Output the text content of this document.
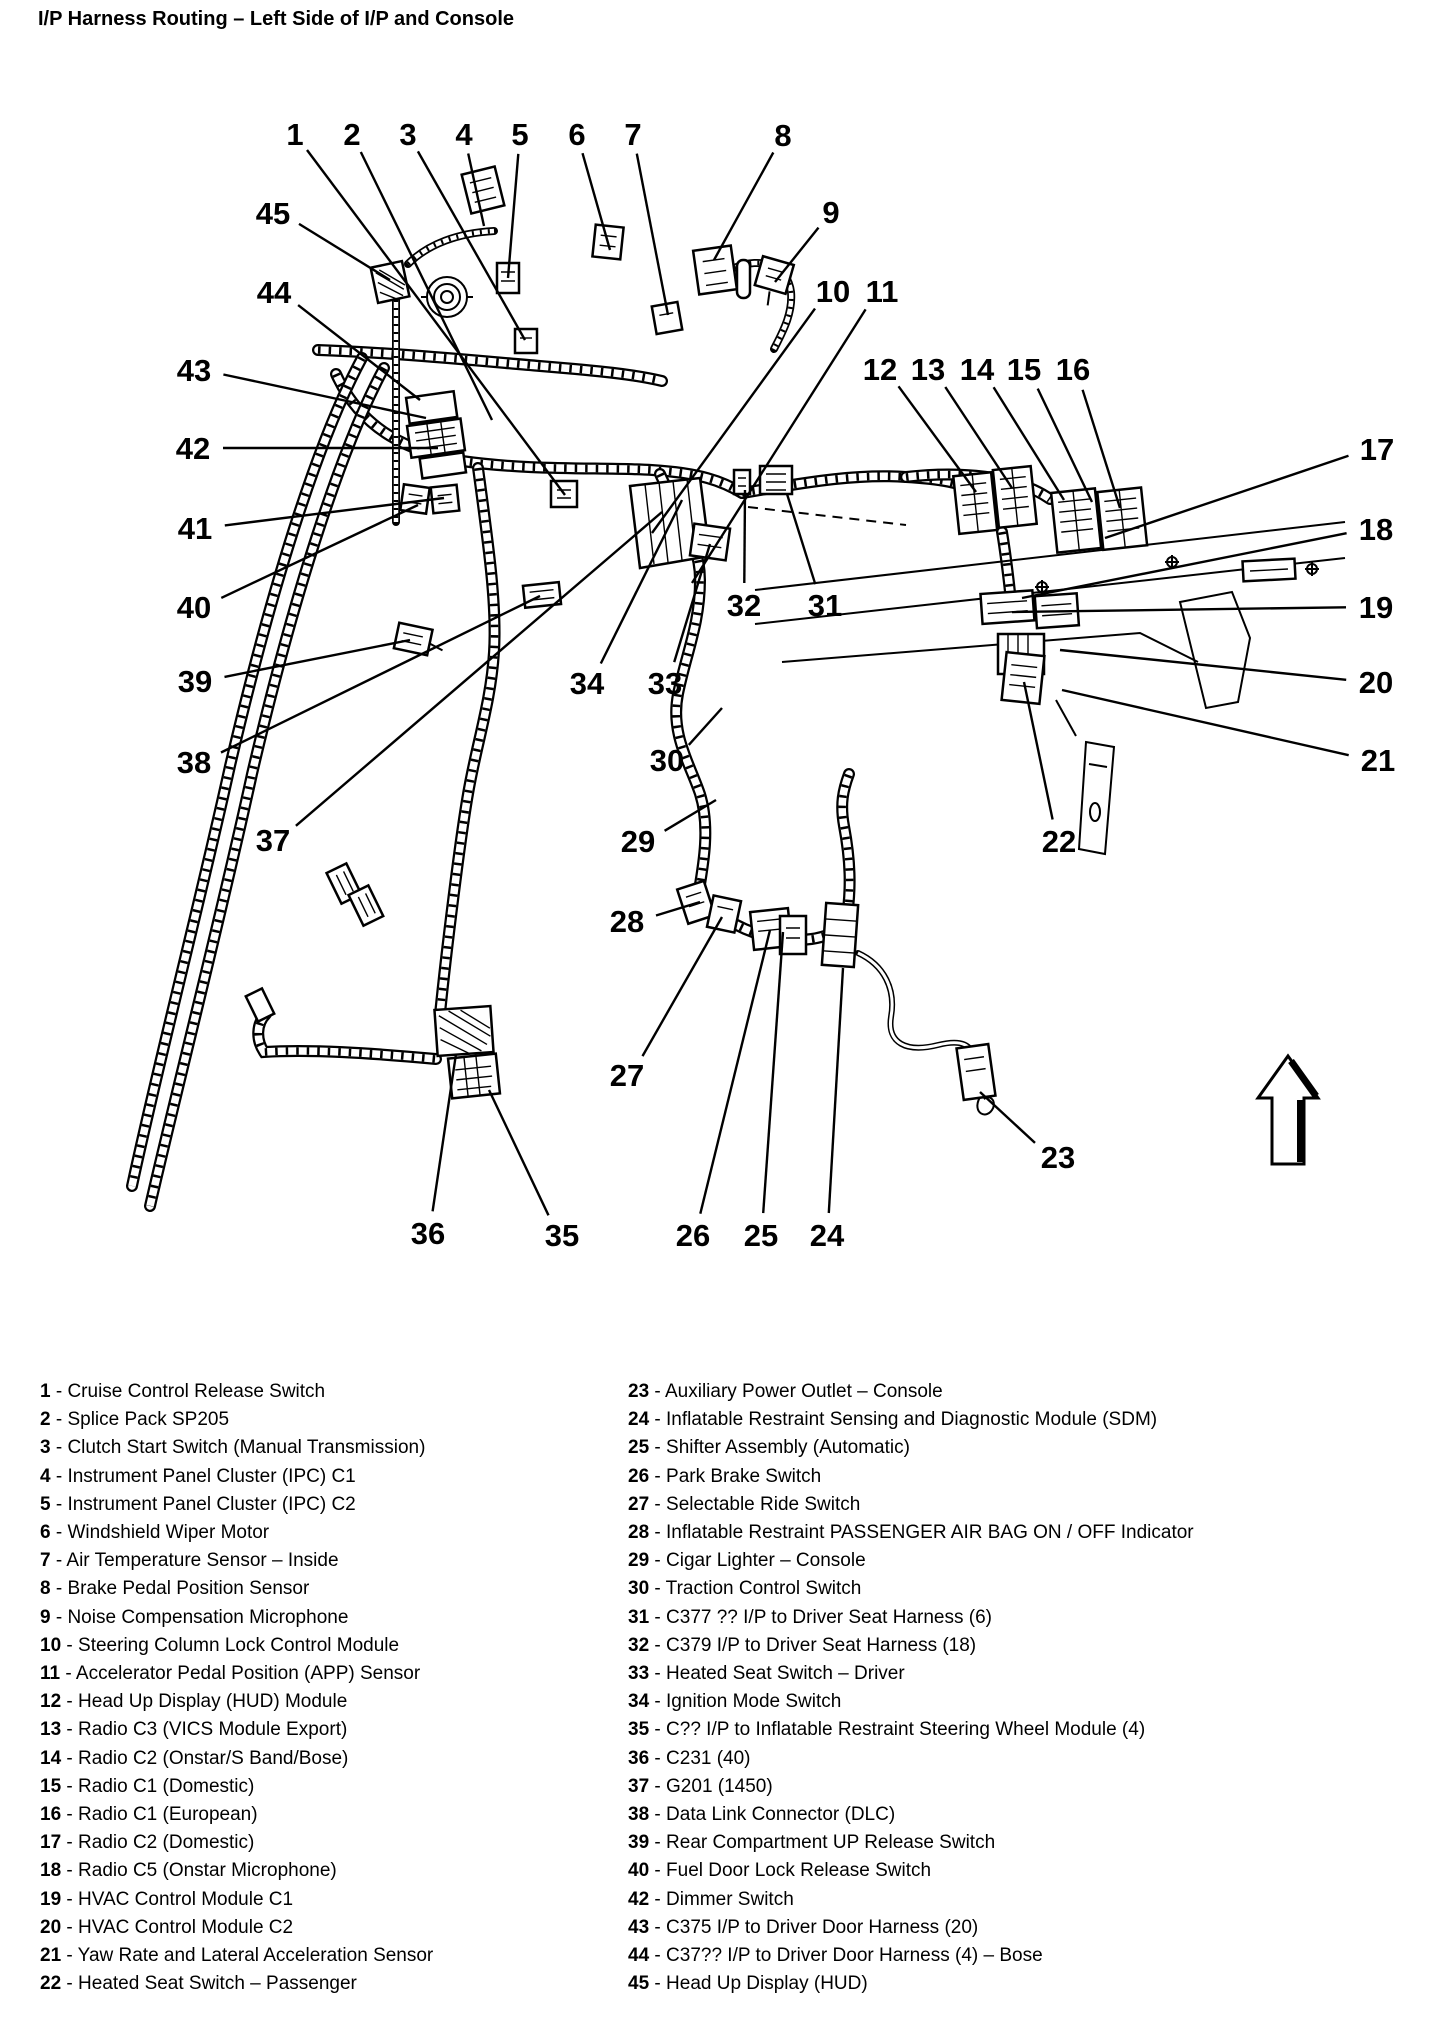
I/P Harness Routing – Left Side of I/P and Console
1 2 3 4 5 6 7	8
9
10 11
12 13 14 15 16
17
18
19
20
21
22
23
24
25
26
27
28
29
30
31
32
33
34
35
36
37
38
39
40
41
42
43
44
45
1 - Cruise Control Release Switch
2 - Splice Pack SP205
3 - Clutch Start Switch (Manual Transmission)
4 - Instrument Panel Cluster (IPC) C1
5 - Instrument Panel Cluster (IPC) C2
6 - Windshield Wiper Motor
7 - Air Temperature Sensor – Inside
8 - Brake Pedal Position Sensor
9 - Noise Compensation Microphone
10 - Steering Column Lock Control Module
11 - Accelerator Pedal Position (APP) Sensor
12 - Head Up Display (HUD) Module
13 - Radio C3 (VICS Module Export)
14 - Radio C2 (Onstar/S Band/Bose)
15 - Radio C1 (Domestic)
16 - Radio C1 (European)
17 - Radio C2 (Domestic)
18 - Radio C5 (Onstar Microphone)
19 - HVAC Control Module C1
20 - HVAC Control Module C2
21 - Yaw Rate and Lateral Acceleration Sensor
22 - Heated Seat Switch – Passenger
23 - Auxiliary Power Outlet – Console
24 - Inflatable Restraint Sensing and Diagnostic Module (SDM)
25 - Shifter Assembly (Automatic)
26 - Park Brake Switch
27 - Selectable Ride Switch
28 - Inflatable Restraint PASSENGER AIR BAG ON / OFF Indicator
29 - Cigar Lighter – Console
30 - Traction Control Switch
31 - C377 ?? I/P to Driver Seat Harness (6)
32 - C379 I/P to Driver Seat Harness (18)
33 - Heated Seat Switch – Driver
34 - Ignition Mode Switch
35 - C?? I/P to Inflatable Restraint Steering Wheel Module (4)
36 - C231 (40)
37 - G201 (1450)
38 - Data Link Connector (DLC)
39 - Rear Compartment UP Release Switch
40 - Fuel Door Lock Release Switch
42 - Dimmer Switch
43 - C375 I/P to Driver Door Harness (20)
44 - C37?? I/P to Driver Door Harness (4) – Bose
45 - Head Up Display (HUD)
